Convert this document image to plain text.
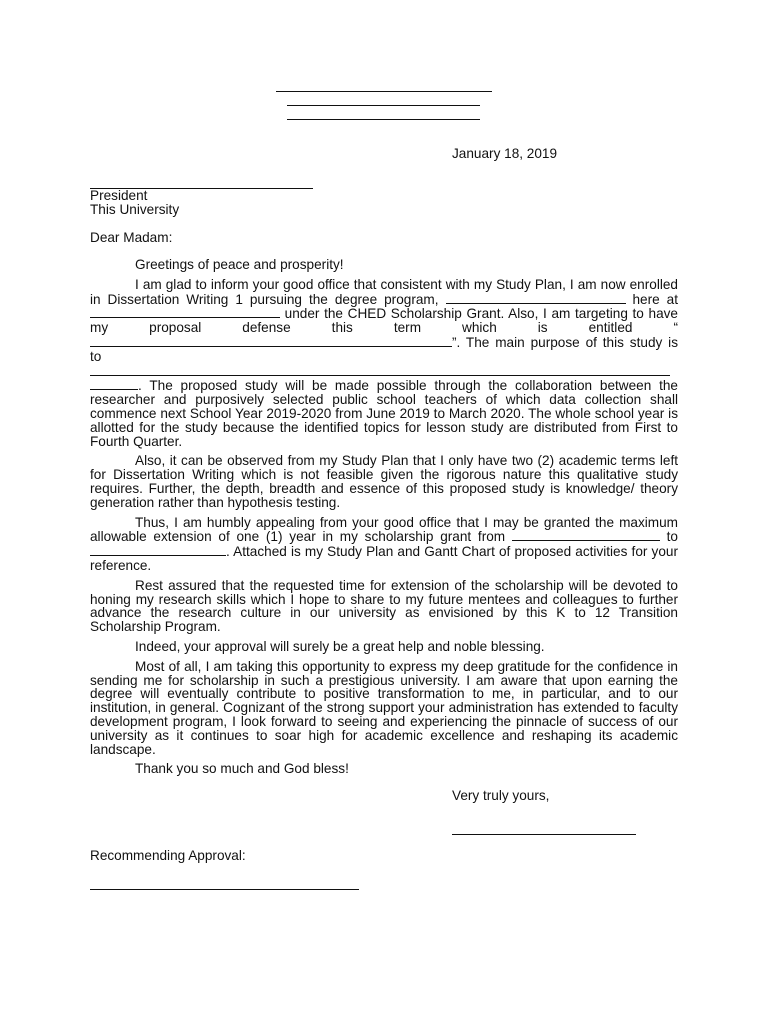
January 18, 2019
President
This University
Dear Madam:

Greetings of peace and prosperity!

I am glad to inform your good office that consistent with my Study Plan, I am now enrolled in Dissertation Writing 1 pursuing the degree program,	here at  under the CHED Scholarship Grant. Also, I am targeting to have my proposal defense this term which is entitled	“”. The main purpose of this study is to  . The proposed study will be made possible through the collaboration between the researcher and purposively selected public school teachers of which data collection shall commence next School Year 2019-2020 from June 2019 to March 2020. The whole school year is allotted for the study because the identified topics for lesson study are distributed from First to Fourth Quarter.

Also, it can be observed from my Study Plan that I only have two (2) academic terms left for Dissertation Writing which is not feasible given the rigorous nature this qualitative study requires. Further, the depth, breadth and essence of this proposed study is knowledge/ theory generation rather than hypothesis testing.

Thus, I am humbly appealing from your good office that I may be granted the maximum allowable extension of one (1) year in my scholarship grant from	to . Attached is my Study Plan and Gantt Chart of proposed activities for your reference.

Rest assured that the requested time for extension of the scholarship will be devoted to honing my research skills which I hope to share to my future mentees and colleagues to further advance the research culture in our university as envisioned by this K to 12 Transition Scholarship Program.

Indeed, your approval will surely be a great help and noble blessing.

Most of all, I am taking this opportunity to express my deep gratitude for the confidence in sending me for scholarship in such a prestigious university. I am aware that upon earning the degree will eventually contribute to positive transformation to me, in particular, and to our institution, in general. Cognizant of the strong support your administration has extended to faculty development program, I look forward to seeing and experiencing the pinnacle of success of our university as it continues to soar high for academic excellence and reshaping its academic landscape.

Thank you so much and God bless!

Very truly yours,
Recommending Approval:
